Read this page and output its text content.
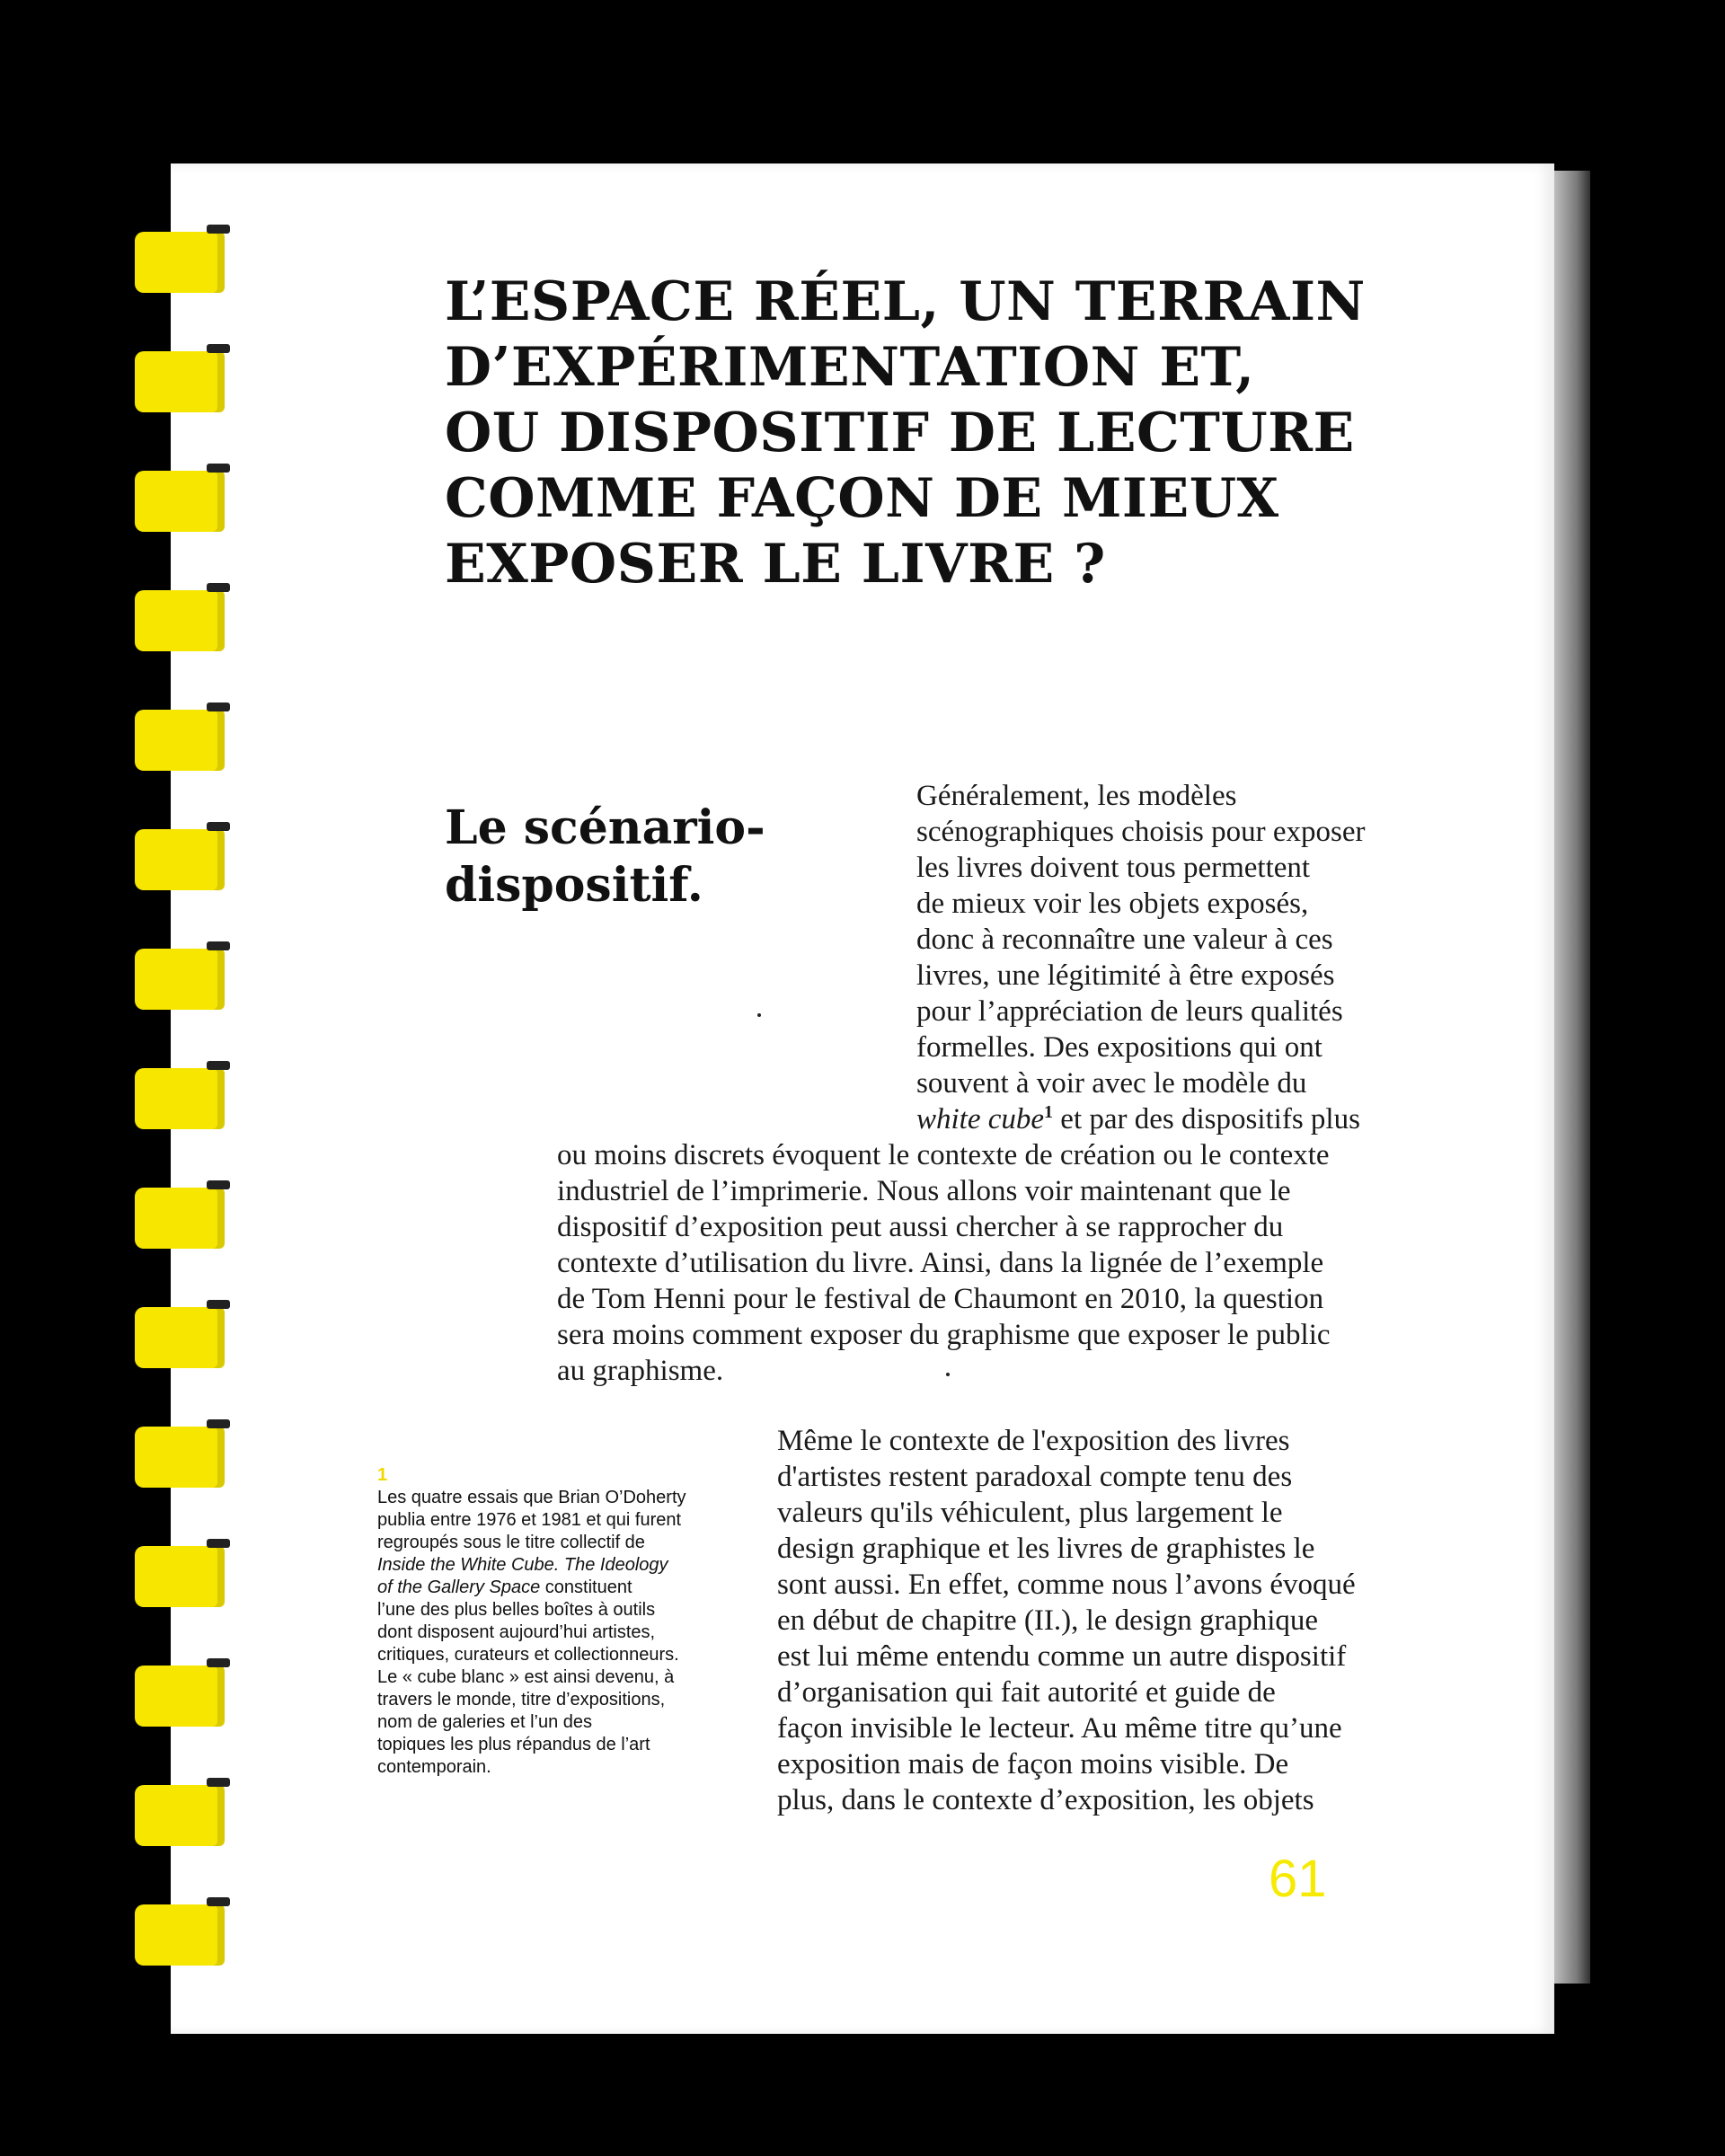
L’ESPACE RÉEL, UN TERRAIN
D’EXPÉRIMENTATION ET,
OU DISPOSITIF DE LECTURE
COMME FAÇON DE MIEUX
EXPOSER LE LIVRE ?
Le scénario-
dispositif.
Généralement, les modèles
scénographiques choisis pour exposer
les livres doivent tous permettent
de mieux voir les objets exposés,
donc à reconnaître une valeur à ces
livres, une légitimité à être exposés
pour l’appréciation de leurs qualités
formelles. Des expositions qui ont
souvent à voir avec le modèle du
white cube$^1$ et par des dispositifs plus
ou moins discrets évoquent le contexte de création ou le contexte
industriel de l’imprimerie. Nous allons voir maintenant que le
dispositif d’exposition peut aussi chercher à se rapprocher du
contexte d’utilisation du livre. Ainsi, dans la lignée de l’exemple
de Tom Henni pour le festival de Chaumont en 2010, la question
sera moins comment exposer du graphisme que exposer le public
au graphisme.
1
Les quatre essais que Brian O’Doherty
publia entre 1976 et 1981 et qui furent
regroupés sous le titre collectif de
Inside the White Cube. The Ideology
of the Gallery Space constituent
l’une des plus belles boîtes à outils
dont disposent aujourd’hui artistes,
critiques, curateurs et collectionneurs.
Le « cube blanc » est ainsi devenu, à
travers le monde, titre d’expositions,
nom de galeries et l’un des
topiques les plus répandus de l’art
contemporain.
Même le contexte de l'exposition des livres
d'artistes restent paradoxal compte tenu des
valeurs qu'ils véhiculent, plus largement le
design graphique et les livres de graphistes le
sont aussi. En effet, comme nous l’avons évoqué
en début de chapitre (II.), le design graphique
est lui même entendu comme un autre dispositif
d’organisation qui fait autorité et guide de
façon invisible le lecteur. Au même titre qu’une
exposition mais de façon moins visible. De
plus, dans le contexte d’exposition, les objets
61
